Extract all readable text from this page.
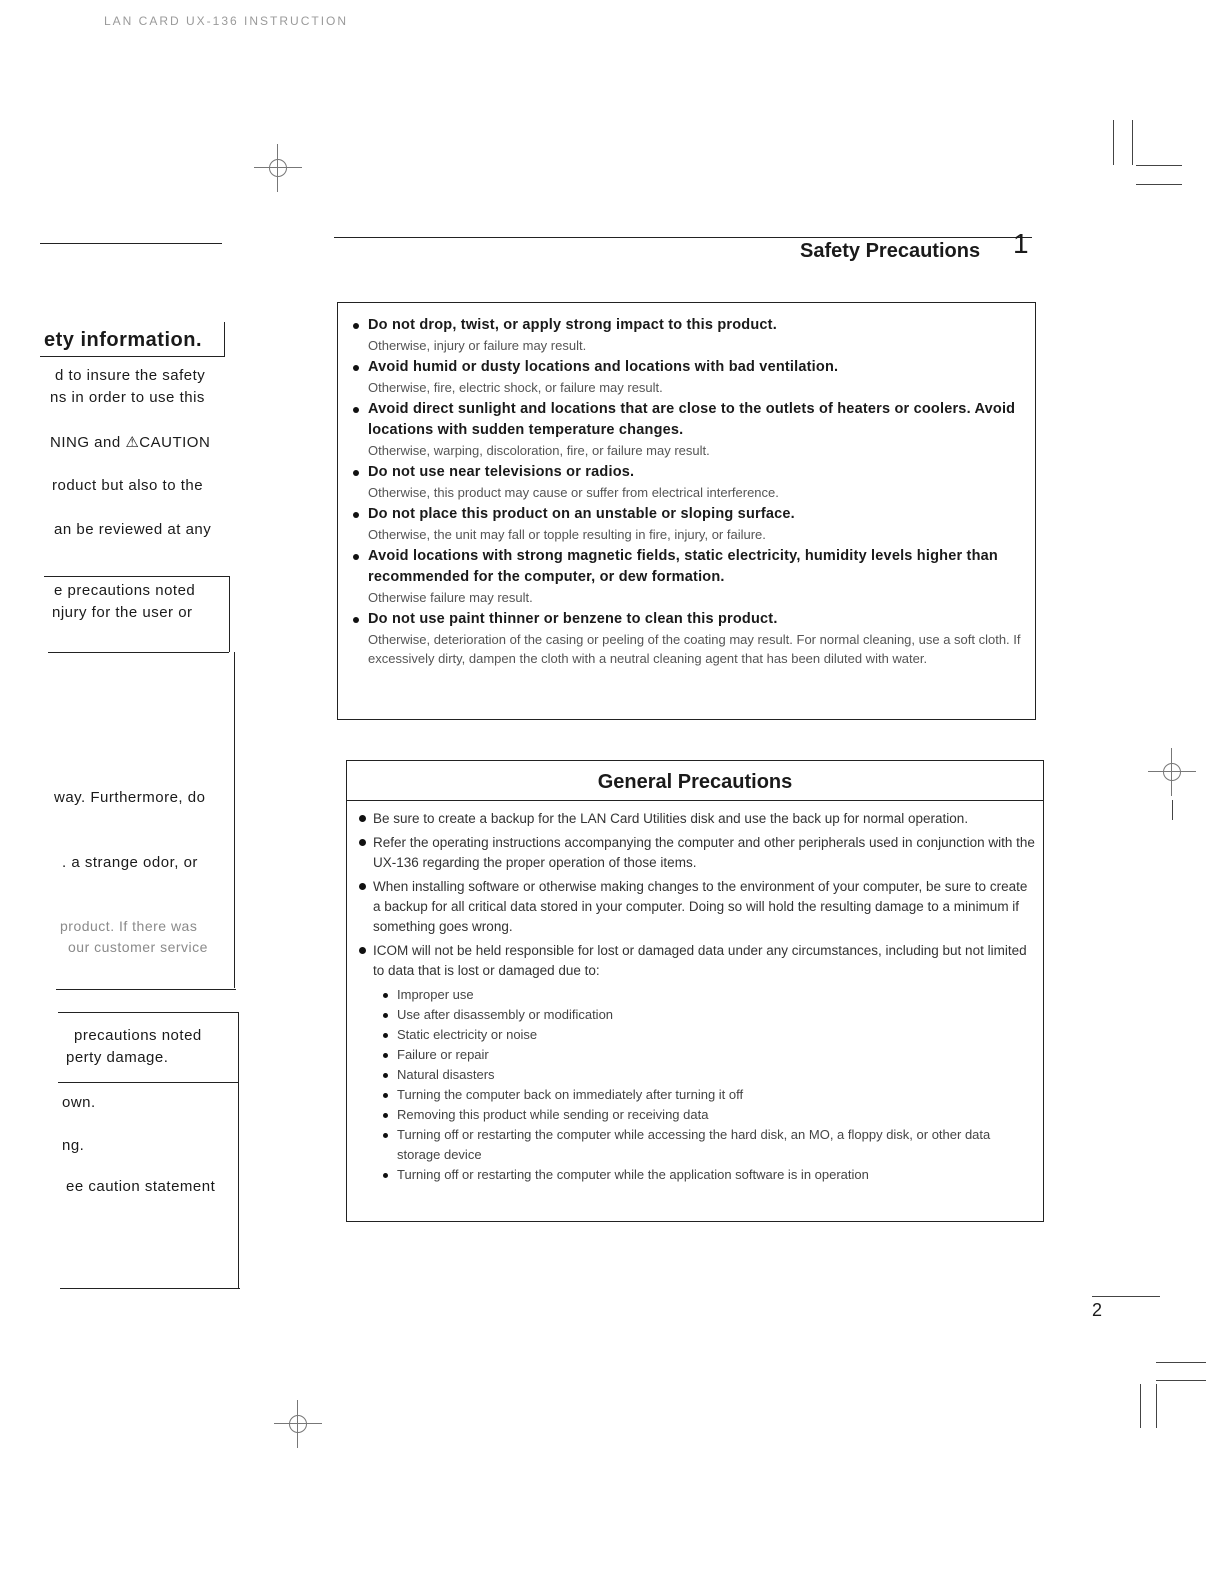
LAN CARD UX-136 INSTRUCTION
Safety Precautions 1
ety information.
d to insure the safety
ns in order to use this
NING and ⚠CAUTION
roduct but also to the
an be reviewed at any
e precautions noted
njury for the user or
way. Furthermore, do
. a strange odor, or
product. If there was
our customer service
precautions noted
perty damage.
own.
ng.
ee caution statement
Do not drop, twist, or apply strong impact to this product.
Otherwise, injury or failure may result.
Avoid humid or dusty locations and locations with bad ventilation.
Otherwise, fire, electric shock, or failure may result.
Avoid direct sunlight and locations that are close to the outlets of heaters or coolers. Avoid locations with sudden temperature changes.
Otherwise, warping, discoloration, fire, or failure may result.
Do not use near televisions or radios.
Otherwise, this product may cause or suffer from electrical interference.
Do not place this product on an unstable or sloping surface.
Otherwise, the unit may fall or topple resulting in fire, injury, or failure.
Avoid locations with strong magnetic fields, static electricity, humidity levels higher than recommended for the computer, or dew formation.
Otherwise failure may result.
Do not use paint thinner or benzene to clean this product.
Otherwise, deterioration of the casing or peeling of the coating may result. For normal cleaning, use a soft cloth. If excessively dirty, dampen the cloth with a neutral cleaning agent that has been diluted with water.
General Precautions
Be sure to create a backup for the LAN Card Utilities disk and use the back up for normal operation.
Refer the operating instructions accompanying the computer and other peripherals used in conjunction with the UX-136 regarding the proper operation of those items.
When installing software or otherwise making changes to the environment of your computer, be sure to create a backup for all critical data stored in your computer. Doing so will hold the resulting damage to a minimum if something goes wrong.
ICOM will not be held responsible for lost or damaged data under any circumstances, including but not limited to data that is lost or damaged due to:
Improper use
Use after disassembly or modification
Static electricity or noise
Failure or repair
Natural disasters
Turning the computer back on immediately after turning it off
Removing this product while sending or receiving data
Turning off or restarting the computer while accessing the hard disk, an MO, a floppy disk, or other data storage device
Turning off or restarting the computer while the application software is in operation
2
